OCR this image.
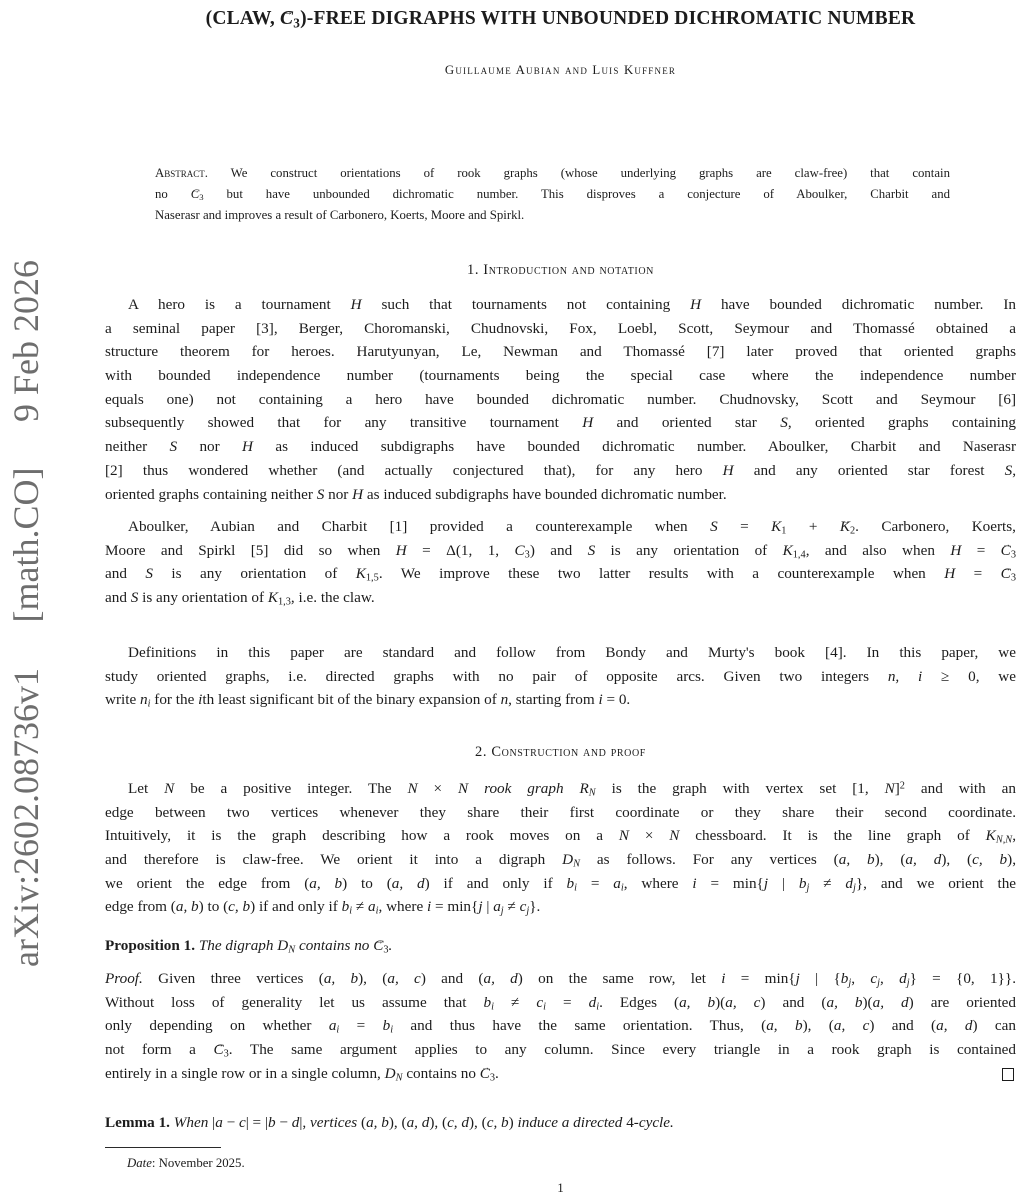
arXiv:2602.08736v1
[math.CO]
9 Feb 2026
(CLAW, $C \to_3$)-FREE DIGRAPHS WITH UNBOUNDED DICHROMATIC NUMBER
Guillaume Aubian and Luis Kuffner
Abstract. We construct orientations of rook graphs (whose underlying graphs are claw-free) that contain
no $C \to_3$ but have unbounded dichromatic number. This disproves a conjecture of Aboulker, Charbit and
Naserasr and improves a result of Carbonero, Koerts, Moore and Spirkl.
1. Introduction and notation
A hero is a tournament H such that tournaments not containing H have bounded dichromatic number. In
a seminal paper [3], Berger, Choromanski, Chudnovski, Fox, Loebl, Scott, Seymour and Thomassé obtained a
structure theorem for heroes. Harutyunyan, Le, Newman and Thomassé [7] later proved that oriented graphs
with bounded independence number (tournaments being the special case where the independence number
equals one) not containing a hero have bounded dichromatic number. Chudnovsky, Scott and Seymour [6]
subsequently showed that for any transitive tournament H and oriented star S, oriented graphs containing
neither S nor H as induced subdigraphs have bounded dichromatic number. Aboulker, Charbit and Naserasr
[2] thus wondered whether (and actually conjectured that), for any hero H and any oriented star forest S,
oriented graphs containing neither S nor H as induced subdigraphs have bounded dichromatic number.
Aboulker, Aubian and Charbit [1] provided a counterexample when $S = K_1 + K \to_2$. Carbonero, Koerts,
Moore and Spirkl [5] did so when H = Δ(1, 1, $C_3$) and S is any orientation of $K_{1,4}$, and also when $H = C \to_3$
and S is any orientation of $K_{1,5}$. We improve these two latter results with a counterexample when $H = C \to_3$
and S is any orientation of $K_{1,3}$, i.e. the claw.
Definitions in this paper are standard and follow from Bondy and Murty's book [4]. In this paper, we
study oriented graphs, i.e. directed graphs with no pair of opposite arcs. Given two integers n, i ≥ 0, we
write $n_i$ for the ith least significant bit of the binary expansion of n, starting from i = 0.
2. Construction and proof
Let N be a positive integer. The N × N rook graph $R_N$ is the graph with vertex set [1, N]$^2$ and with an
edge between two vertices whenever they share their first coordinate or they share their second coordinate.
Intuitively, it is the graph describing how a rook moves on a N × N chessboard. It is the line graph of $K_{N,N}$,
and therefore is claw-free. We orient it into a digraph $D_N$ as follows. For any vertices (a, b), (a, d), (c, b),
we orient the edge from (a, b) to (a, d) if and only if $b_i = a_i$, where i = min{j | $b_j \ne d_j$}, and we orient the
edge from (a, b) to (c, b) if and only if $b_i \ne a_i$, where i = min{j | $a_j \ne c_j$}.
Proposition 1. The digraph $D_N$ contains no $C \to_3$.
Proof. Given three vertices (a, b), (a, c) and (a, d) on the same row, let i = min{j | {$b_j$, $c_j$, $d_j\} = \{0$, 1}}.
Without loss of generality let us assume that $b_i \ne c_i = d_i$. Edges (a, b)(a, c) and (a, b)(a, d) are oriented
only depending on whether $a_i = b_i$ and thus have the same orientation. Thus, (a, b), (a, c) and (a, d) can
not form a $C \to_3$. The same argument applies to any column. Since every triangle in a rook graph is contained
entirely in a single row or in a single column, $D_N$ contains no $C \to_3$.
Lemma 1. When |a − c| = |b − d|, vertices (a, b), (a, d), (c, d), (c, b) induce a directed 4-cycle.
Date: November 2025.
1
